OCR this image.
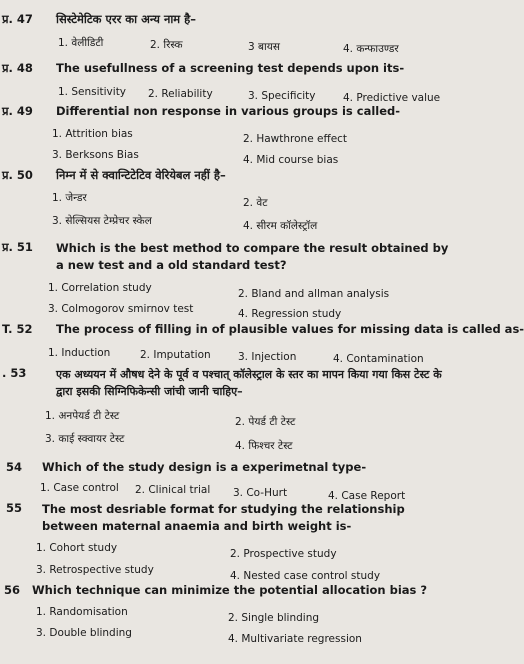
प्र. 47 सिस्टेमेटिक एरर का अन्य नाम है–
1. वेलीडिटी	2. रिस्क	3 बायस	4. कन्फाउण्डर
प्र. 48 The usefullness of a screening test depends upon its-
1. Sensitivity 2. Reliability	3. Specificity	4. Predictive value
प्र. 49 Differential non response in various groups is called-
1. Attrition bias	2. Hawthrone effect
3. Berksons Bias	4. Mid course bias
प्र. 50 निम्न में से क्वान्टिटेटिव वेरियेबल नहीं है–
1. जेन्डर	2. वेट
3. सेल्सियस टेम्प्रेचर स्केल	4. सीरम कॉलेस्ट्रॉल
प्र. 51 Which is the best method to compare the result obtained by a new test and a old standard test?
1. Correlation study	2. Bland and allman analysis
3. Colmogorov smirnov test	4. Regression study
T. 52 The process of filling in of plausible values for missing data is called as-
1. Induction	2. Imputation	3. Injection	4. Contamination
. 53	एक अध्ययन में औषध देने के पूर्व व पश्चात् कॉलेस्ट्राल के स्तर का मापन किया गया किस टेस्ट के द्वारा इसकी सिग्निफिकेन्सी जांची जानी चाहिए–
1. अनपेयर्ड टी टेस्ट	2. पेयर्ड टी टेस्ट
3. काई स्क्वायर टेस्ट
4. फिश्चर टेस्ट
54 Which of the study design is a experimetnal type-
1. Case control 2. Clinical trial 3. Co-Hurt	4. Case Report
55 The most desriable format for studying the relationship between maternal anaemia and birth weight is-
1. Cohort study	2. Prospective study
3. Retrospective study	4. Nested case control study
56 Which technique can minimize the potential allocation bias ?
1. Randomisation	2. Single blinding
3. Double blinding	4. Multivariate regression
